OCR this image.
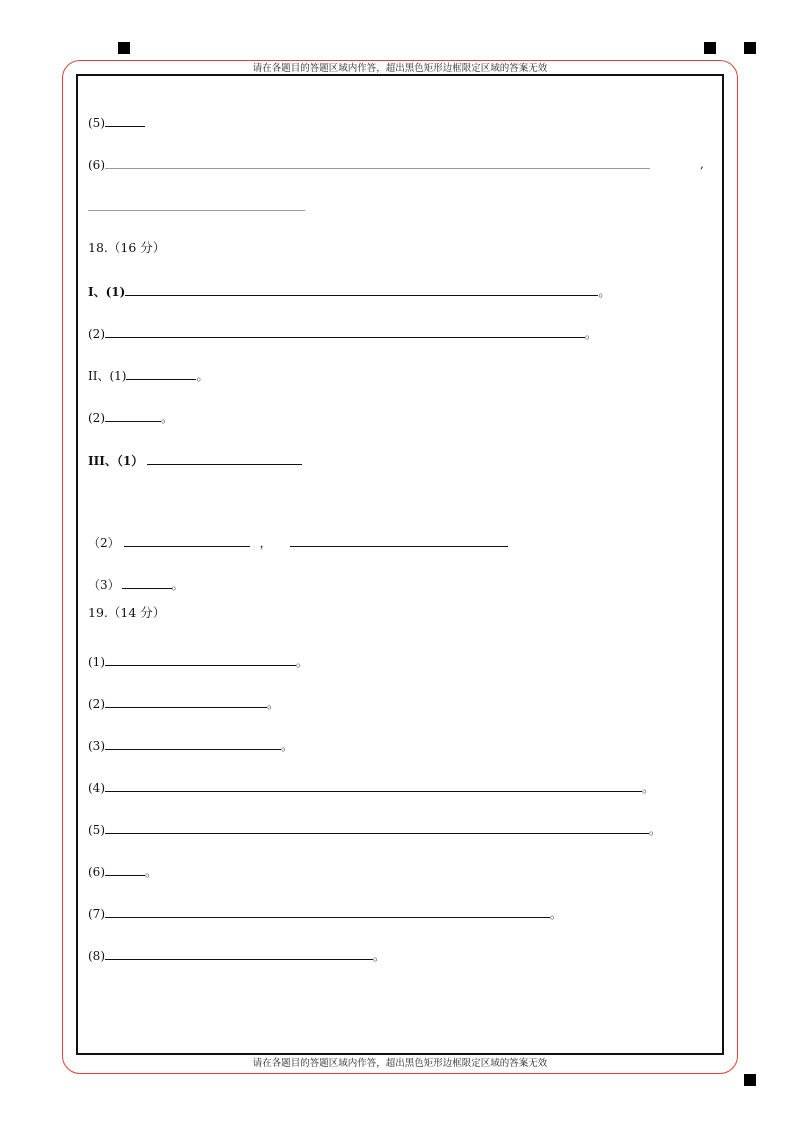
请在各题目的答题区域内作答，超出黑色矩形边框限定区域的答案无效
请在各题目的答题区域内作答，超出黑色矩形边框限定区域的答案无效
(5)
(6)	,
18.（16 分）
I、(1)	。
(2)	。
II、(1)	。
(2)	。
III、（1）
（2）	，
（3）	。
19.（14 分）
(1)	。
(2)	。
(3)	。
(4)	。
(5)	。
(6)	。
(7)	。
(8)	。
